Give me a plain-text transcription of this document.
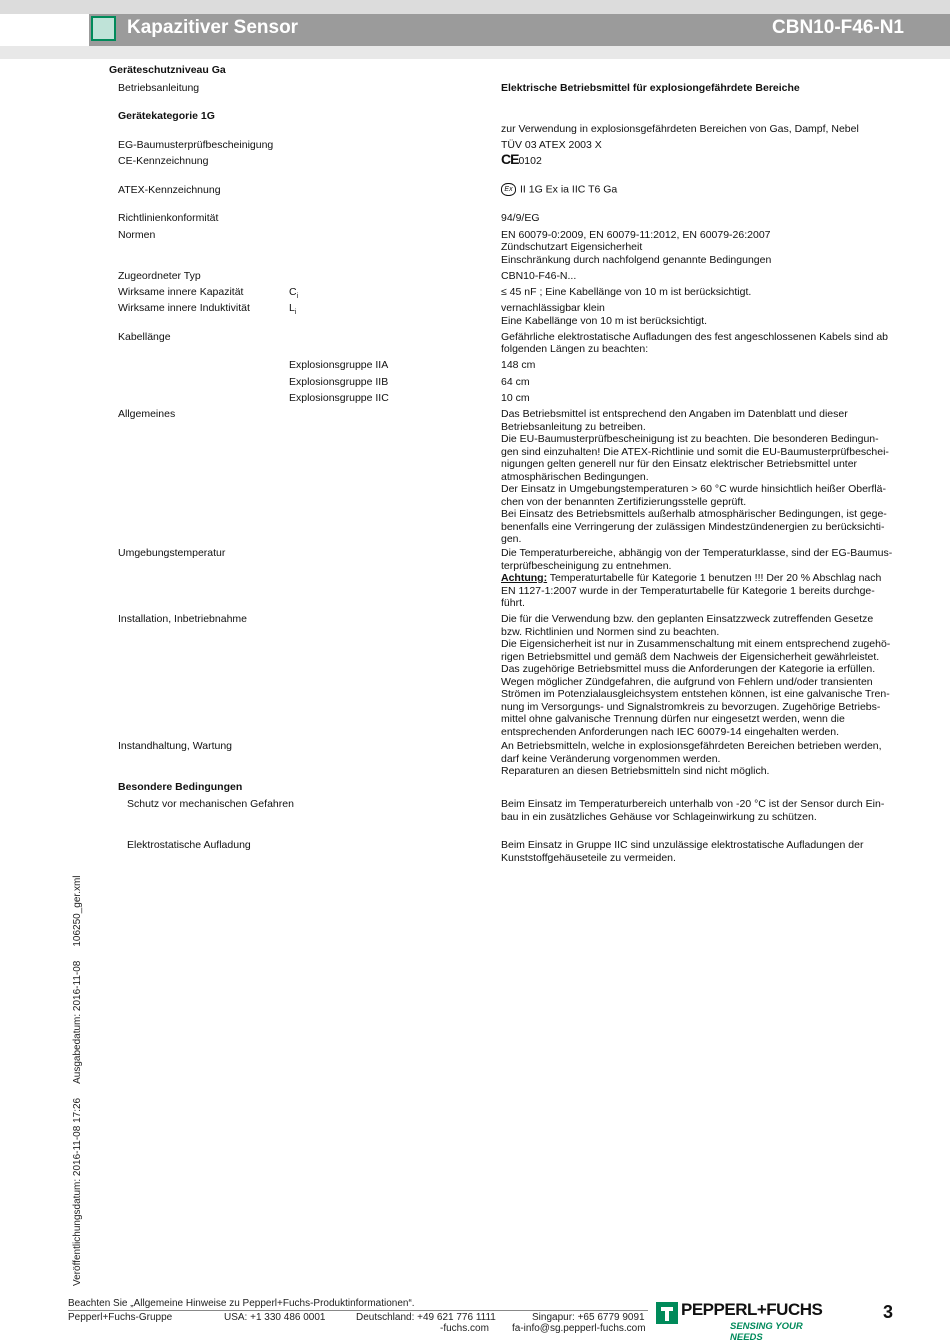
Kapazitiver Sensor	CBN10-F46-N1
Geräteschutzniveau Ga
Betriebsanleitung	Elektrische Betriebsmittel für explosiongefährdete Bereiche
Gerätekategorie 1G
zur Verwendung in explosionsgefährdeten Bereichen von Gas, Dampf, Nebel
EG-Baumusterprüfbescheinigung	TÜV 03 ATEX 2003 X
CE-Kennzeichnung	CE0102
ATEX-Kennzeichnung	Ex II 1G Ex ia IIC T6 Ga
Richtlinienkonformität	94/9/EG
Normen	EN 60079-0:2009, EN 60079-11:2012, EN 60079-26:2007
Zündschutzart Eigensicherheit
Einschränkung durch nachfolgend genannte Bedingungen
Zugeordneter Typ	CBN10-F46-N...
Wirksame innere Kapazität	$C_i$	≤ 45 nF ; Eine Kabellänge von 10 m ist berücksichtigt.
Wirksame innere Induktivität	$L_i$	vernachlässigbar klein
Eine Kabellänge von 10 m ist berücksichtigt.
Kabellänge	Gefährliche elektrostatische Aufladungen des fest angeschlossenen Kabels sind ab
folgenden Längen zu beachten:
Explosionsgruppe IIA	148 cm
Explosionsgruppe IIB	64 cm
Explosionsgruppe IIC	10 cm
Allgemeines	Das Betriebsmittel ist entsprechend den Angaben im Datenblatt und dieser
Betriebsanleitung zu betreiben.
Die EU-Baumusterprüfbescheinigung ist zu beachten. Die besonderen Bedingun-
gen sind einzuhalten! Die ATEX-Richtlinie und somit die EU-Baumusterprüfbeschei-
nigungen gelten generell nur für den Einsatz elektrischer Betriebsmittel unter
atmosphärischen Bedingungen.
Der Einsatz in Umgebungstemperaturen > 60 °C wurde hinsichtlich heißer Oberflä-
chen von der benannten Zertifizierungsstelle geprüft.
Bei Einsatz des Betriebsmittels außerhalb atmosphärischer Bedingungen, ist gege-
benenfalls eine Verringerung der zulässigen Mindestzündenergien zu berücksichti-
gen.
Umgebungstemperatur	Die Temperaturbereiche, abhängig von der Temperaturklasse, sind der EG-Baumus-
terprüfbescheinigung zu entnehmen.
Achtung: Temperaturtabelle für Kategorie 1 benutzen !!! Der 20 % Abschlag nach
EN 1127-1:2007 wurde in der Temperaturtabelle für Kategorie 1 bereits durchge-
führt.
Installation, Inbetriebnahme	Die für die Verwendung bzw. den geplanten Einsatzzweck zutreffenden Gesetze
bzw. Richtlinien und Normen sind zu beachten.
Die Eigensicherheit ist nur in Zusammenschaltung mit einem entsprechend zugehö-
rigen Betriebsmittel und gemäß dem Nachweis der Eigensicherheit gewährleistet.
Das zugehörige Betriebsmittel muss die Anforderungen der Kategorie ia erfüllen.
Wegen möglicher Zündgefahren, die aufgrund von Fehlern und/oder transienten
Strömen im Potenzialausgleichsystem entstehen können, ist eine galvanische Tren-
nung im Versorgungs- und Signalstromkreis zu bevorzugen. Zugehörige Betriebs-
mittel ohne galvanische Trennung dürfen nur eingesetzt werden, wenn die
entsprechenden Anforderungen nach IEC 60079-14 eingehalten werden.
Instandhaltung, Wartung	An Betriebsmitteln, welche in explosionsgefährdeten Bereichen betrieben werden,
darf keine Veränderung vorgenommen werden.
Reparaturen an diesen Betriebsmitteln sind nicht möglich.
Besondere Bedingungen
Schutz vor mechanischen Gefahren	Beim Einsatz im Temperaturbereich unterhalb von -20 °C ist der Sensor durch Ein-
bau in ein zusätzliches Gehäuse vor Schlageinwirkung zu schützen.
Elektrostatische Aufladung	Beim Einsatz in Gruppe IIC sind unzulässige elektrostatische Aufladungen der
Kunststoffgehäuseteile zu vermeiden.
Veröffentlichungsdatum: 2016-11-08 17:26Ausgabedatum: 2016-11-08106250_ger.xml
Beachten Sie „Allgemeine Hinweise zu Pepperl+Fuchs-Produktinformationen“.
Pepperl+Fuchs-Gruppe	USA: +1 330 486 0001	Deutschland: +49 621 776 1111
-fuchs.com
Singapur: +65 6779 9091
fa-info@sg.pepperl-fuchs.com
PEPPERL+FUCHS
SENSING YOUR NEEDS
3
